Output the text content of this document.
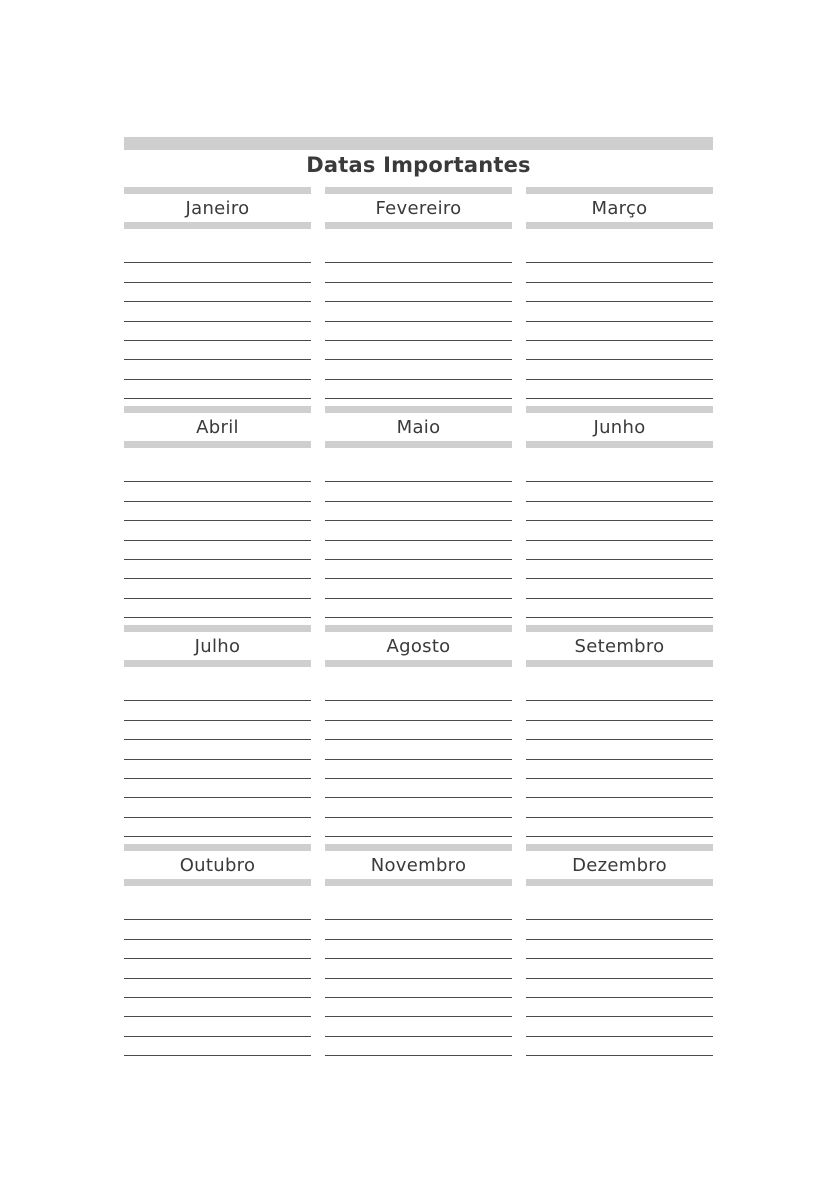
Datas Importantes
Janeiro	Fevereiro	Março
Abril	Maio	Junho
Julho	Agosto	Setembro
Outubro	Novembro	Dezembro
